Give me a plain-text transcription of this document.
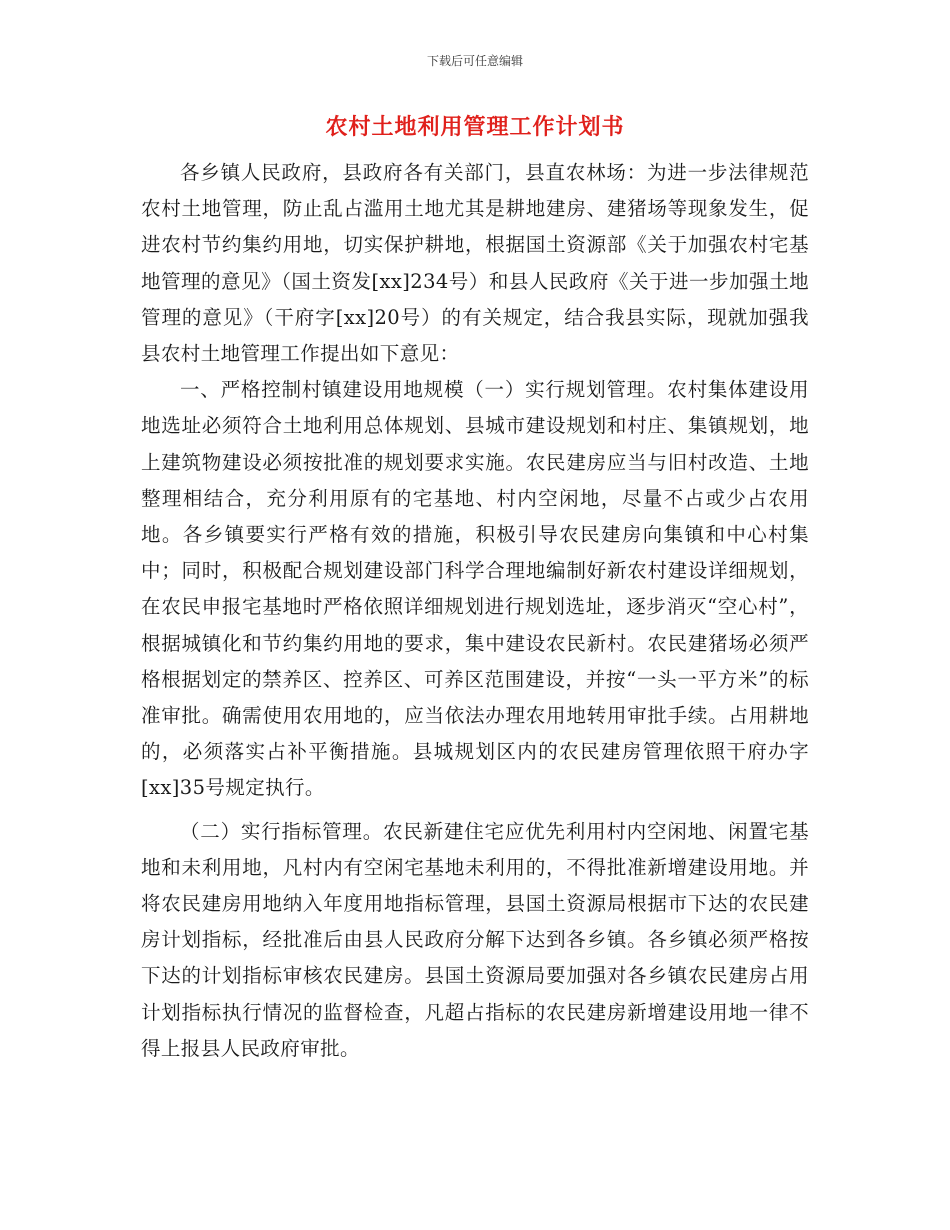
下载后可任意编辑
农村土地利用管理工作计划书

各乡镇人民政府，县政府各有关部门，县直农林场：为进一步法律规范农村土地管理，防止乱占滥用土地尤其是耕地建房、建猪场等现象发生，促进农村节约集约用地，切实保护耕地，根据国土资源部《关于加强农村宅基地管理的意见》（国土资发[xx]234号）和县人民政府《关于进一步加强土地管理的意见》（干府字[xx]20号）的有关规定，结合我县实际，现就加强我县农村土地管理工作提出如下意见：

一、严格控制村镇建设用地规模（一）实行规划管理。农村集体建设用地选址必须符合土地利用总体规划、县城市建设规划和村庄、集镇规划，地上建筑物建设必须按批准的规划要求实施。农民建房应当与旧村改造、土地整理相结合，充分利用原有的宅基地、村内空闲地，尽量不占或少占农用地。各乡镇要实行严格有效的措施，积极引导农民建房向集镇和中心村集中；同时，积极配合规划建设部门科学合理地编制好新农村建设详细规划，在农民申报宅基地时严格依照详细规划进行规划选址，逐步消灭“空心村”，根据城镇化和节约集约用地的要求，集中建设农民新村。农民建猪场必须严格根据划定的禁养区、控养区、可养区范围建设，并按“一头一平方米”的标准审批。确需使用农用地的，应当依法办理农用地转用审批手续。占用耕地的，必须落实占补平衡措施。县城规划区内的农民建房管理依照干府办字[xx]35号规定执行。

（二）实行指标管理。农民新建住宅应优先利用村内空闲地、闲置宅基地和未利用地，凡村内有空闲宅基地未利用的，不得批准新增建设用地。并将农民建房用地纳入年度用地指标管理，县国土资源局根据市下达的农民建房计划指标，经批准后由县人民政府分解下达到各乡镇。各乡镇必须严格按下达的计划指标审核农民建房。县国土资源局要加强对各乡镇农民建房占用计划指标执行情况的监督检查，凡超占指标的农民建房新增建设用地一律不得上报县人民政府审批。
